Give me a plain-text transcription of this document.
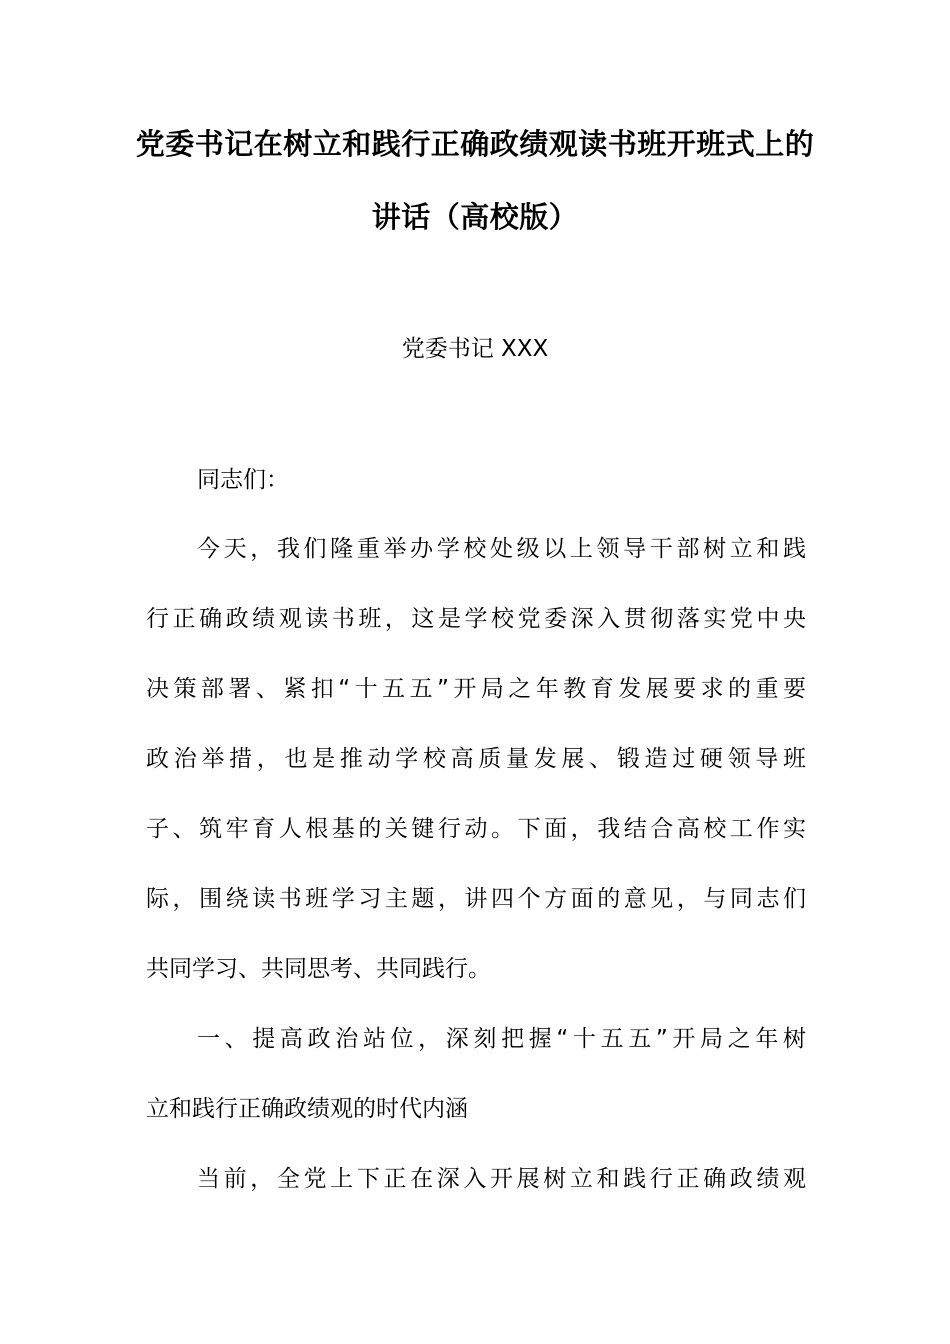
党委书记在树立和践行正确政绩观读书班开班式上的
讲话（高校版）
党委书记 XXX
同志们：
今天，我们隆重举办学校处级以上领导干部树立和践
行正确政绩观读书班，这是学校党委深入贯彻落实党中央
决策部署、紧扣“十五五”开局之年教育发展要求的重要
政治举措，也是推动学校高质量发展、锻造过硬领导班
子、筑牢育人根基的关键行动。下面，我结合高校工作实
际，围绕读书班学习主题，讲四个方面的意见，与同志们
共同学习、共同思考、共同践行。
一、提高政治站位，深刻把握“十五五”开局之年树
立和践行正确政绩观的时代内涵
当前，全党上下正在深入开展树立和践行正确政绩观
